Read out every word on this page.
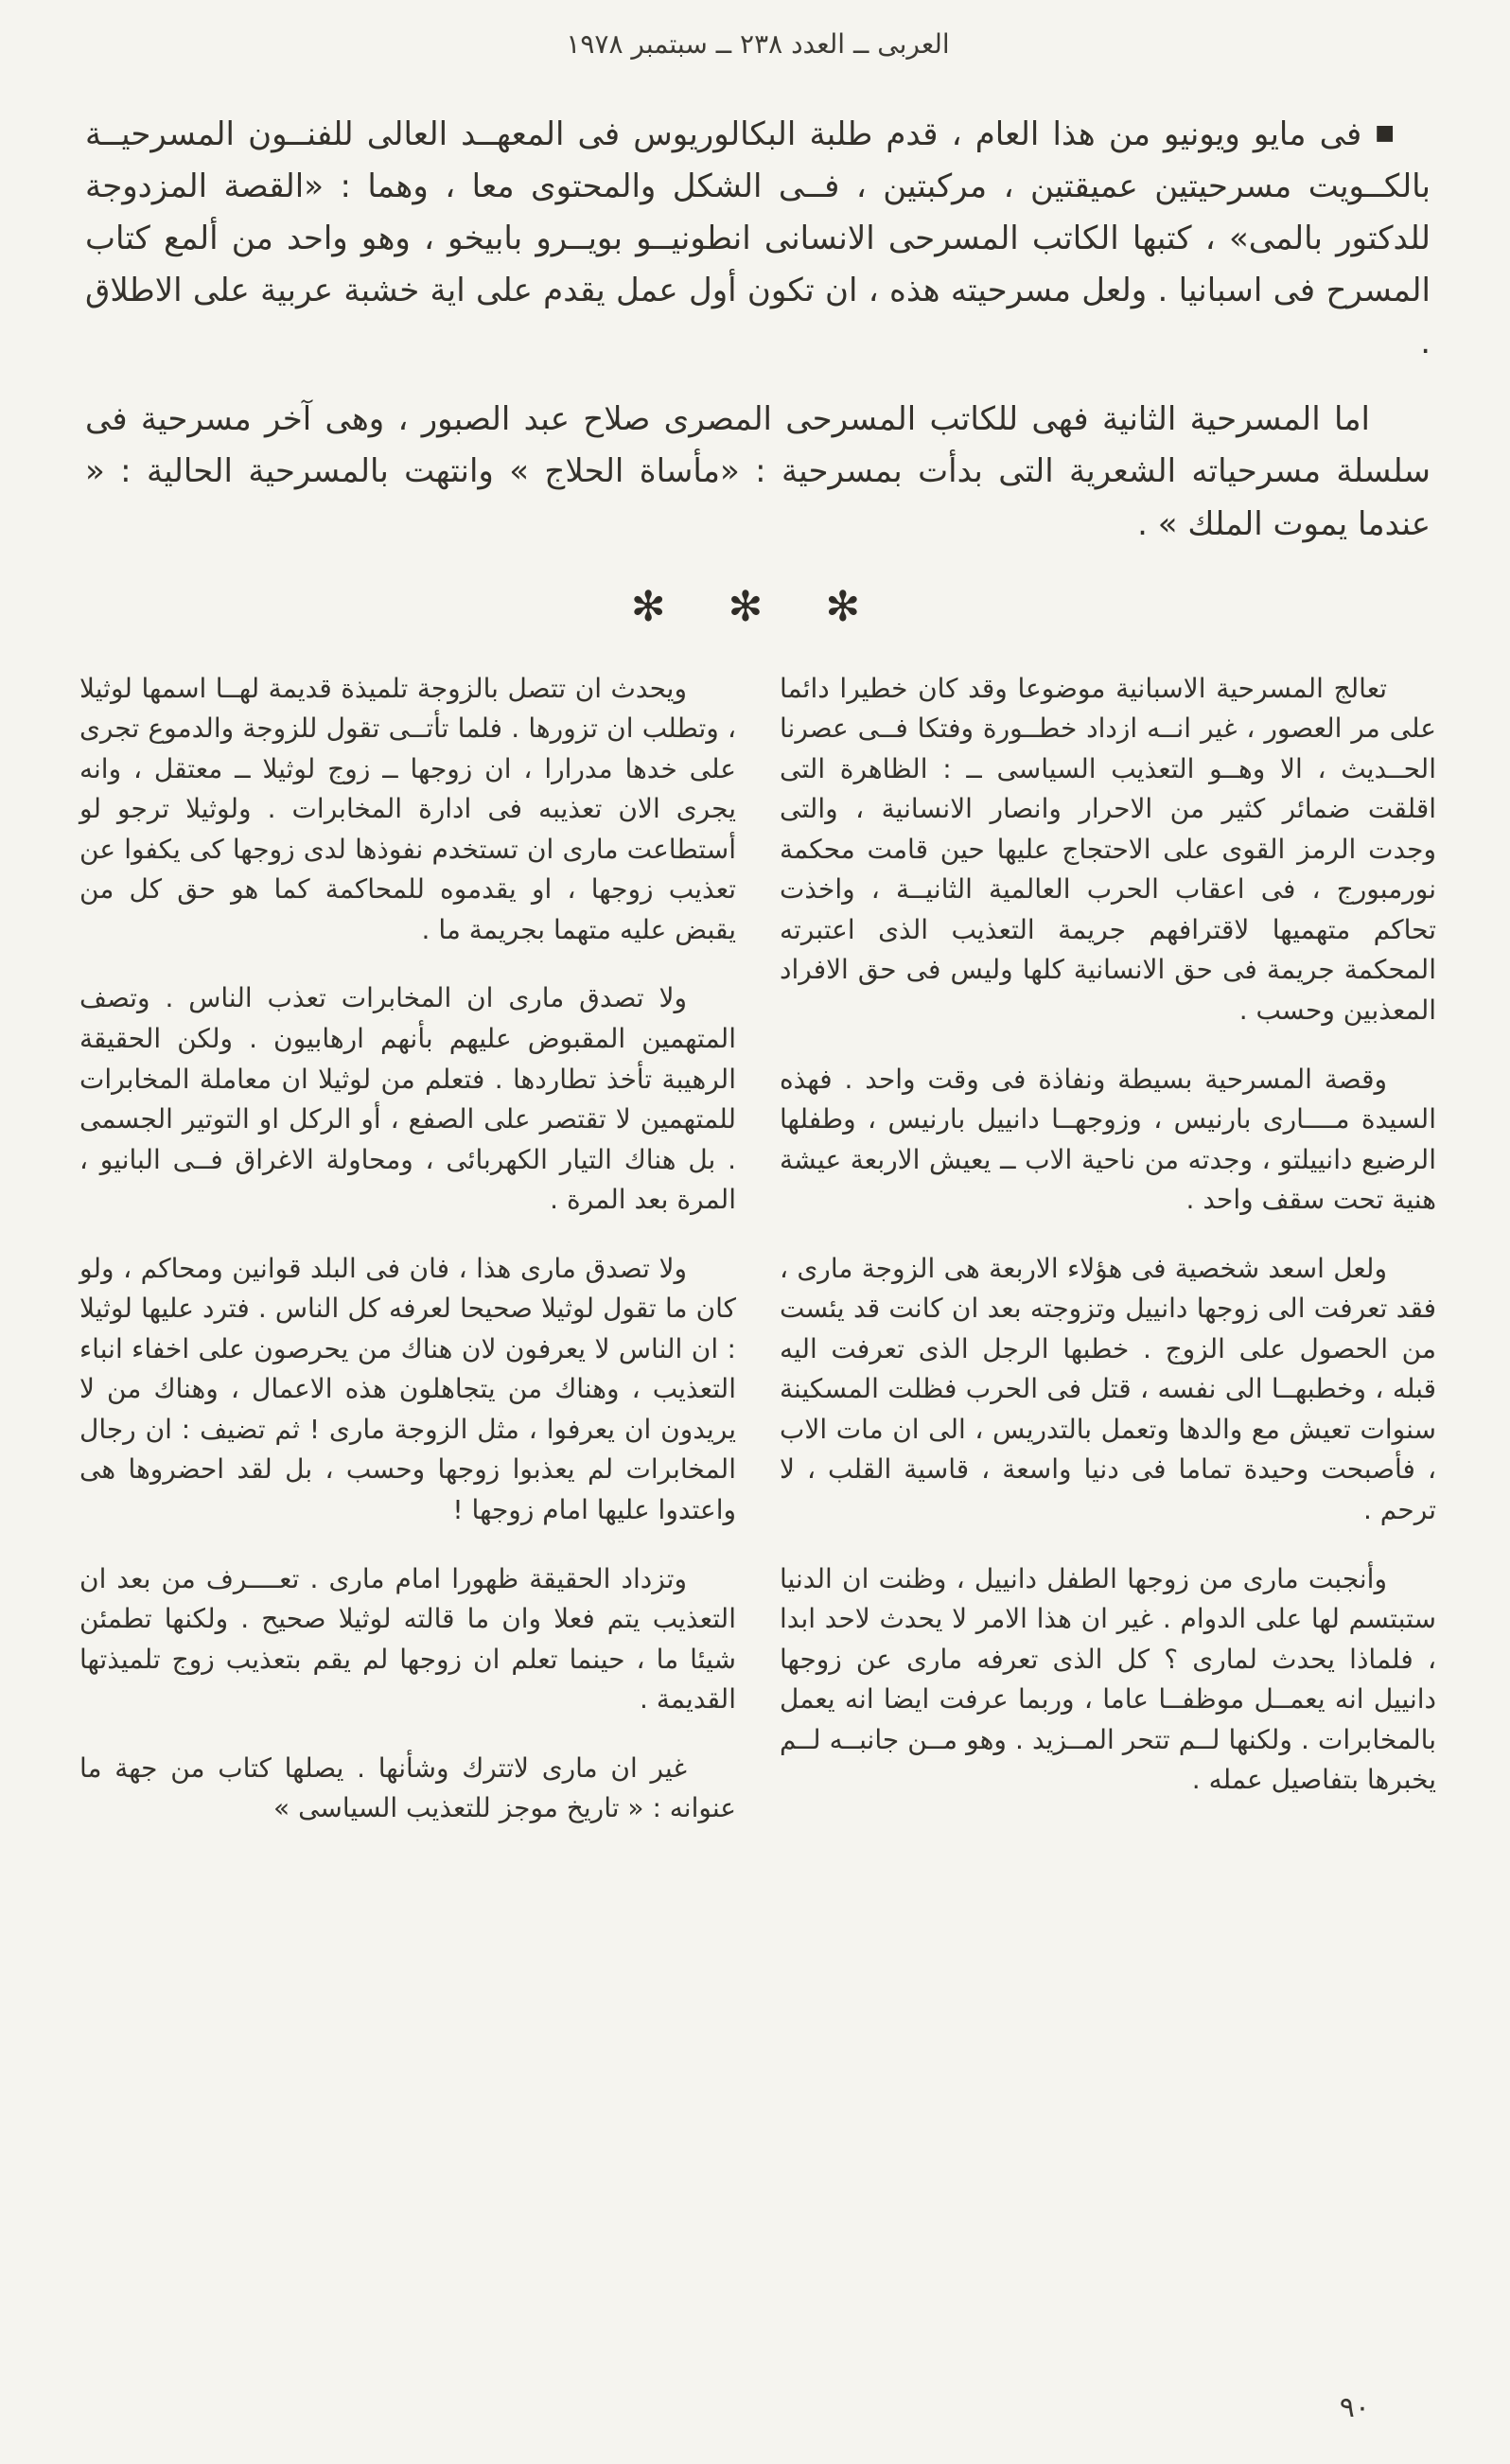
العربى ــ العدد ٢٣٨ ــ سبتمبر ١٩٧٨

■فى مايو ويونيو من هذا العام ، قدم طلبة البكالوريوس فى المعهــد العالى للفنــون المسرحيــة بالكــويت مسرحيتين عميقتين ، مركبتين ، فــى الشكل والمحتوى معا ، وهما : «القصة المزدوجة للدكتور بالمى» ، كتبها الكاتب المسرحى الانسانى انطونيــو بويــرو بابيخو ، وهو واحد من ألمع كتاب المسرح فى اسبانيا . ولعل مسرحيته هذه ، ان تكون أول عمل يقدم على اية خشبة عربية على الاطلاق .

اما المسرحية الثانية فهى للكاتب المسرحى المصرى صلاح عبد الصبور ، وهى آخر مسرحية فى سلسلة مسرحياته الشعرية التى بدأت بمسرحية : «مأساة الحلاج » وانتهت بالمسرحية الحالية : « عندما يموت الملك » .

✻ ✻ ✻

تعالج المسرحية الاسبانية موضوعا وقد كان خطيرا دائما على مر العصور ، غير انــه ازداد خطــورة وفتكا فــى عصرنا الحــديث ، الا وهــو التعذيب السياسى ــ : الظاهرة التى اقلقت ضمائر كثير من الاحرار وانصار الانسانية ، والتى وجدت الرمز القوى على الاحتجاج عليها حين قامت محكمة نورمبورج ، فى اعقاب الحرب العالمية الثانيــة ، واخذت تحاكم متهميها لاقترافهم جريمة التعذيب الذى اعتبرته المحكمة جريمة فى حق الانسانية كلها وليس فى حق الافراد المعذبين وحسب .

وقصة المسرحية بسيطة ونفاذة فى وقت واحد . فهذه السيدة مــــارى بارنيس ، وزوجهــا دانييل بارنيس ، وطفلها الرضيع دانييلتو ، وجدته من ناحية الاب ــ يعيش الاربعة عيشة هنية تحت سقف واحد .

ولعل اسعد شخصية فى هؤلاء الاربعة هى الزوجة مارى ، فقد تعرفت الى زوجها دانييل وتزوجته بعد ان كانت قد يئست من الحصول على الزوج . خطبها الرجل الذى تعرفت اليه قبله ، وخطبهــا الى نفسه ، قتل فى الحرب فظلت المسكينة سنوات تعيش مع والدها وتعمل بالتدريس ، الى ان مات الاب ، فأصبحت وحيدة تماما فى دنيا واسعة ، قاسية القلب ، لا ترحم .

وأنجبت مارى من زوجها الطفل دانييل ، وظنت ان الدنيا ستبتسم لها على الدوام . غير ان هذا الامر لا يحدث لاحد ابدا ، فلماذا يحدث لمارى ؟ كل الذى تعرفه مارى عن زوجها دانييل انه يعمــل موظفــا عاما ، وربما عرفت ايضا انه يعمل بالمخابرات . ولكنها لــم تتحر المــزيد . وهو مــن جانبــه لــم يخبرها بتفاصيل عمله .

ويحدث ان تتصل بالزوجة تلميذة قديمة لهــا اسمها لوثيلا ، وتطلب ان تزورها . فلما تأتــى تقول للزوجة والدموع تجرى على خدها مدرارا ، ان زوجها ــ زوج لوثيلا ــ معتقل ، وانه يجرى الان تعذيبه فى ادارة المخابرات . ولوثيلا ترجو لو أستطاعت مارى ان تستخدم نفوذها لدى زوجها كى يكفوا عن تعذيب زوجها ، او يقدموه للمحاكمة كما هو حق كل من يقبض عليه متهما بجريمة ما .

ولا تصدق مارى ان المخابرات تعذب الناس . وتصف المتهمين المقبوض عليهم بأنهم ارهابيون . ولكن الحقيقة الرهيبة تأخذ تطاردها . فتعلم من لوثيلا ان معاملة المخابرات للمتهمين لا تقتصر على الصفع ، أو الركل او التوتير الجسمى . بل هناك التيار الكهربائى ، ومحاولة الاغراق فــى البانيو ، المرة بعد المرة .

ولا تصدق مارى هذا ، فان فى البلد قوانين ومحاكم ، ولو كان ما تقول لوثيلا صحيحا لعرفه كل الناس . فترد عليها لوثيلا : ان الناس لا يعرفون لان هناك من يحرصون على اخفاء انباء التعذيب ، وهناك من يتجاهلون هذه الاعمال ، وهناك من لا يريدون ان يعرفوا ، مثل الزوجة مارى ! ثم تضيف : ان رجال المخابرات لم يعذبوا زوجها وحسب ، بل لقد احضروها هى واعتدوا عليها امام زوجها !

وتزداد الحقيقة ظهورا امام مارى . تعــــرف من بعد ان التعذيب يتم فعلا وان ما قالته لوثيلا صحيح . ولكنها تطمئن شيئا ما ، حينما تعلم ان زوجها لم يقم بتعذيب زوج تلميذتها القديمة .

غير ان مارى لاتترك وشأنها . يصلها كتاب من جهة ما عنوانه : « تاريخ موجز للتعذيب السياسى »

٩٠
